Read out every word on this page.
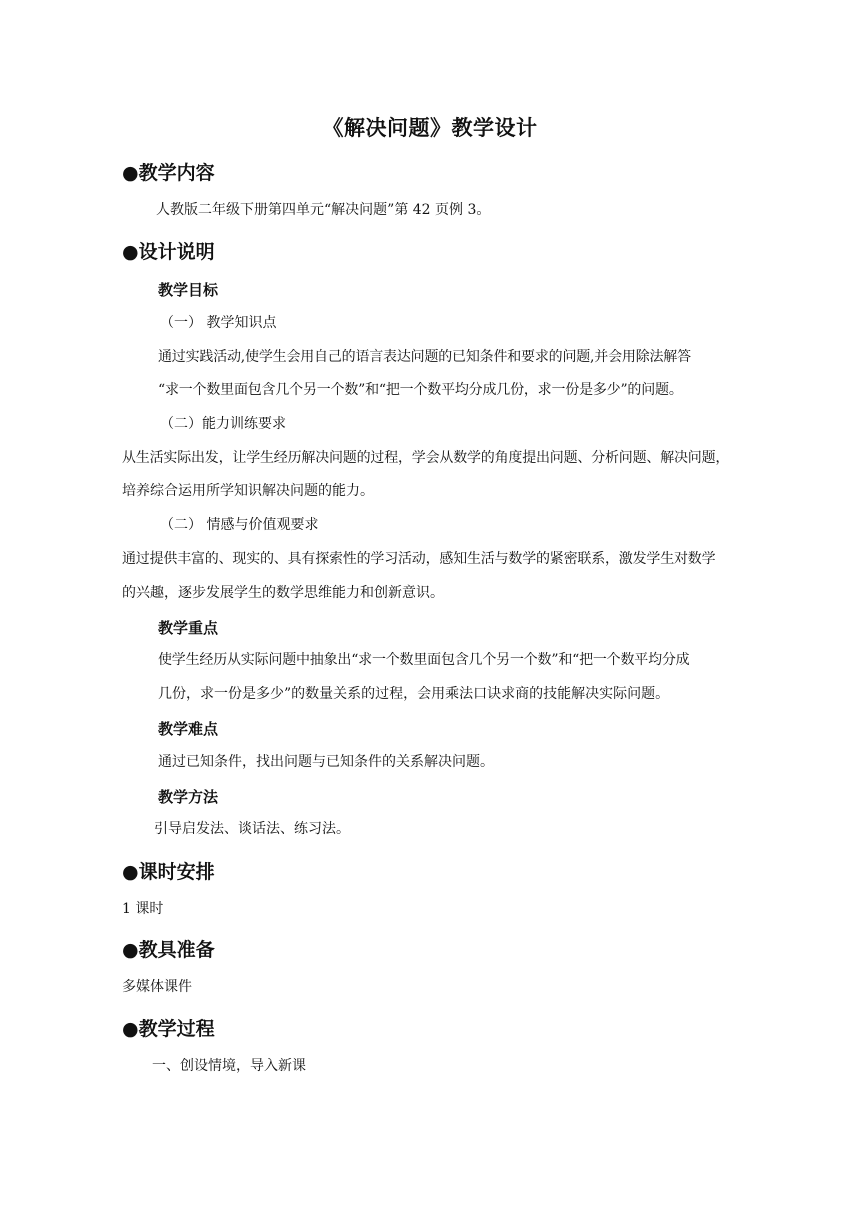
《解决问题》教学设计
●教学内容
人教版二年级下册第四单元“解决问题”第 42 页例 3。
●设计说明
教学目标
（一） 教学知识点
通过实践活动,使学生会用自己的语言表达问题的已知条件和要求的问题,并会用除法解答
“求一个数里面包含几个另一个数”和“把一个数平均分成几份，求一份是多少”的问题。
（二）能力训练要求
从生活实际出发，让学生经历解决问题的过程，学会从数学的角度提出问题、分析问题、解决问题，
培养综合运用所学知识解决问题的能力。
（二） 情感与价值观要求
通过提供丰富的、现实的、具有探索性的学习活动，感知生活与数学的紧密联系，激发学生对数学
的兴趣，逐步发展学生的数学思维能力和创新意识。
教学重点
使学生经历从实际问题中抽象出“求一个数里面包含几个另一个数”和“把一个数平均分成
几份，求一份是多少”的数量关系的过程，会用乘法口诀求商的技能解决实际问题。
教学难点
通过已知条件，找出问题与已知条件的关系解决问题。
教学方法
引导启发法、谈话法、练习法。
●课时安排
1 课时
●教具准备
多媒体课件
●教学过程
一、创设情境，导入新课
